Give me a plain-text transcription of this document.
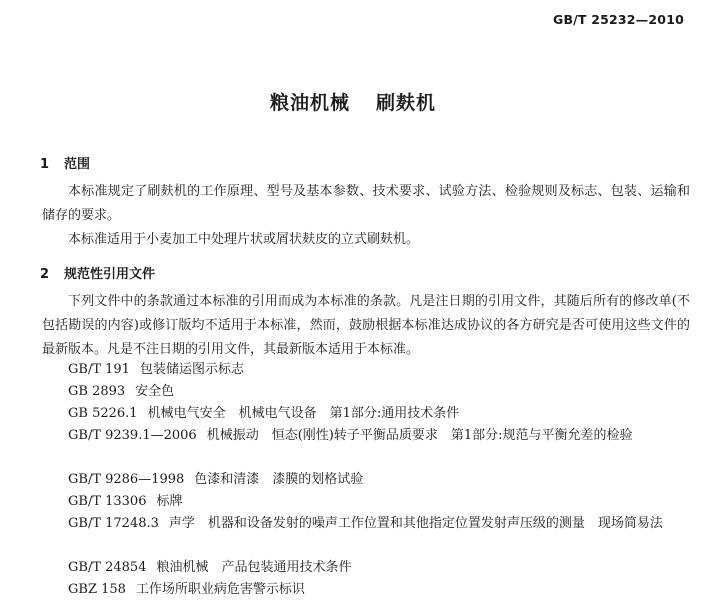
GB/T 25232—2010
粮油机械 刷麸机
1 范围
本标准规定了刷麸机的工作原理、型号及基本参数、技术要求、试验方法、检验规则及标志、包装、运输和储存的要求。
本标准适用于小麦加工中处理片状或屑状麸皮的立式刷麸机。
2 规范性引用文件
下列文件中的条款通过本标准的引用而成为本标准的条款。凡是注日期的引用文件，其随后所有的修改单(不包括勘误的内容)或修订版均不适用于本标准，然而，鼓励根据本标准达成协议的各方研究是否可使用这些文件的最新版本。凡是不注日期的引用文件，其最新版本适用于本标准。
GB/T 191 包装储运图示标志
GB 2893 安全色
GB 5226.1 机械电气安全　机械电气设备　第1部分:通用技术条件
GB/T 9239.1—2006 机械振动　恒态(刚性)转子平衡品质要求　第1部分:规范与平衡允差的检验
GB/T 9286—1998 色漆和清漆　漆膜的划格试验
GB/T 13306 标牌
GB/T 17248.3 声学　机器和设备发射的噪声工作位置和其他指定位置发射声压级的测量　现场简易法
GB/T 24854 粮油机械　产品包装通用技术条件
GBZ 158 工作场所职业病危害警示标识
